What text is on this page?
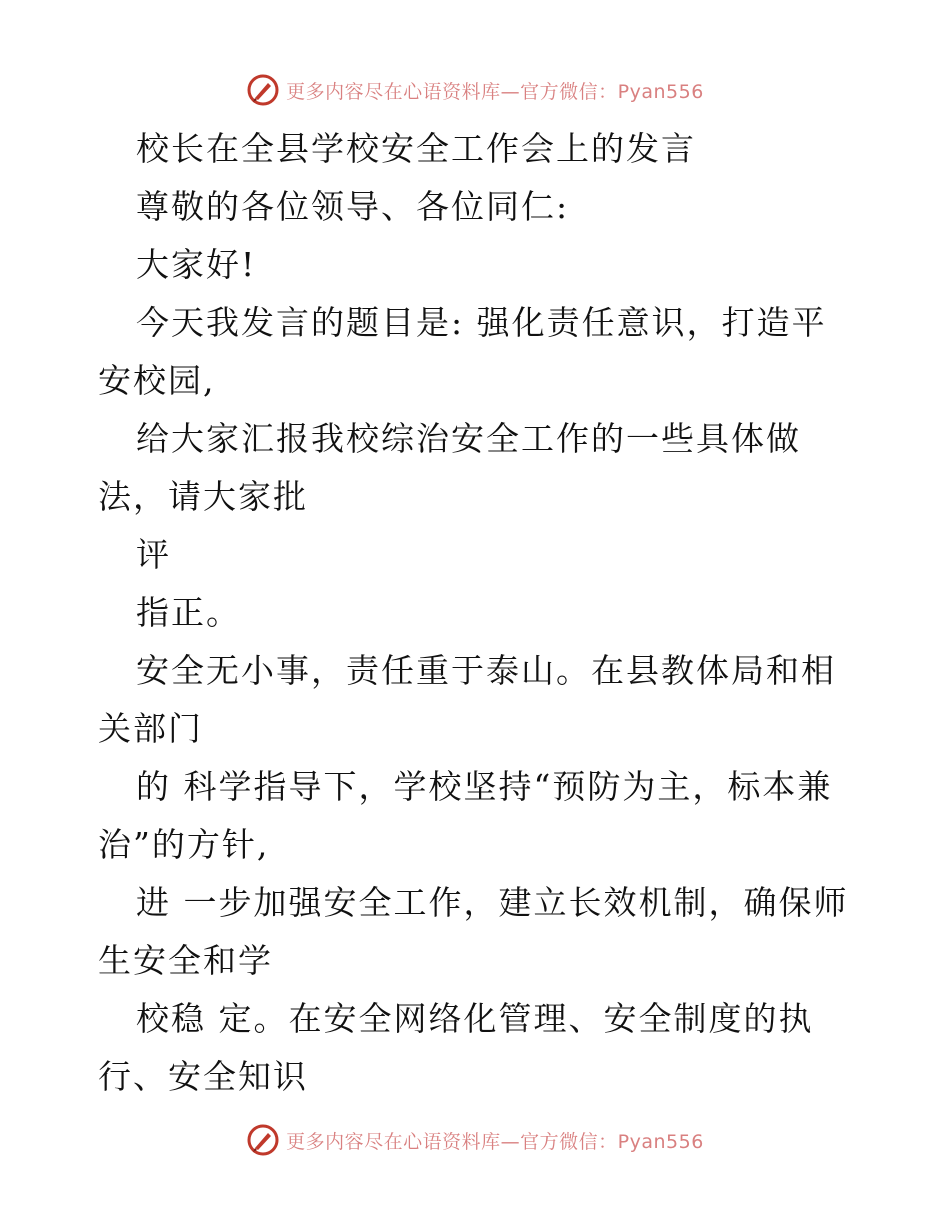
更多内容尽在心语资料库—官方微信：Pyan556

校长在全县学校安全工作会上的发言

尊敬的各位领导、各位同仁:

大家好!

今天我发言的题目是: 强化责任意识，打造平安校园,

给大家汇报我校综治安全工作的一些具体做法，请大家批

评

指正。

安全无小事，责任重于泰山。在县教体局和相关部门

的 科学指导下，学校坚持“预防为主，标本兼治”的方针,

进 一步加强安全工作，建立长效机制，确保师生安全和学

校稳 定。在安全网络化管理、安全制度的执行、安全知识

更多内容尽在心语资料库—官方微信：Pyan556
